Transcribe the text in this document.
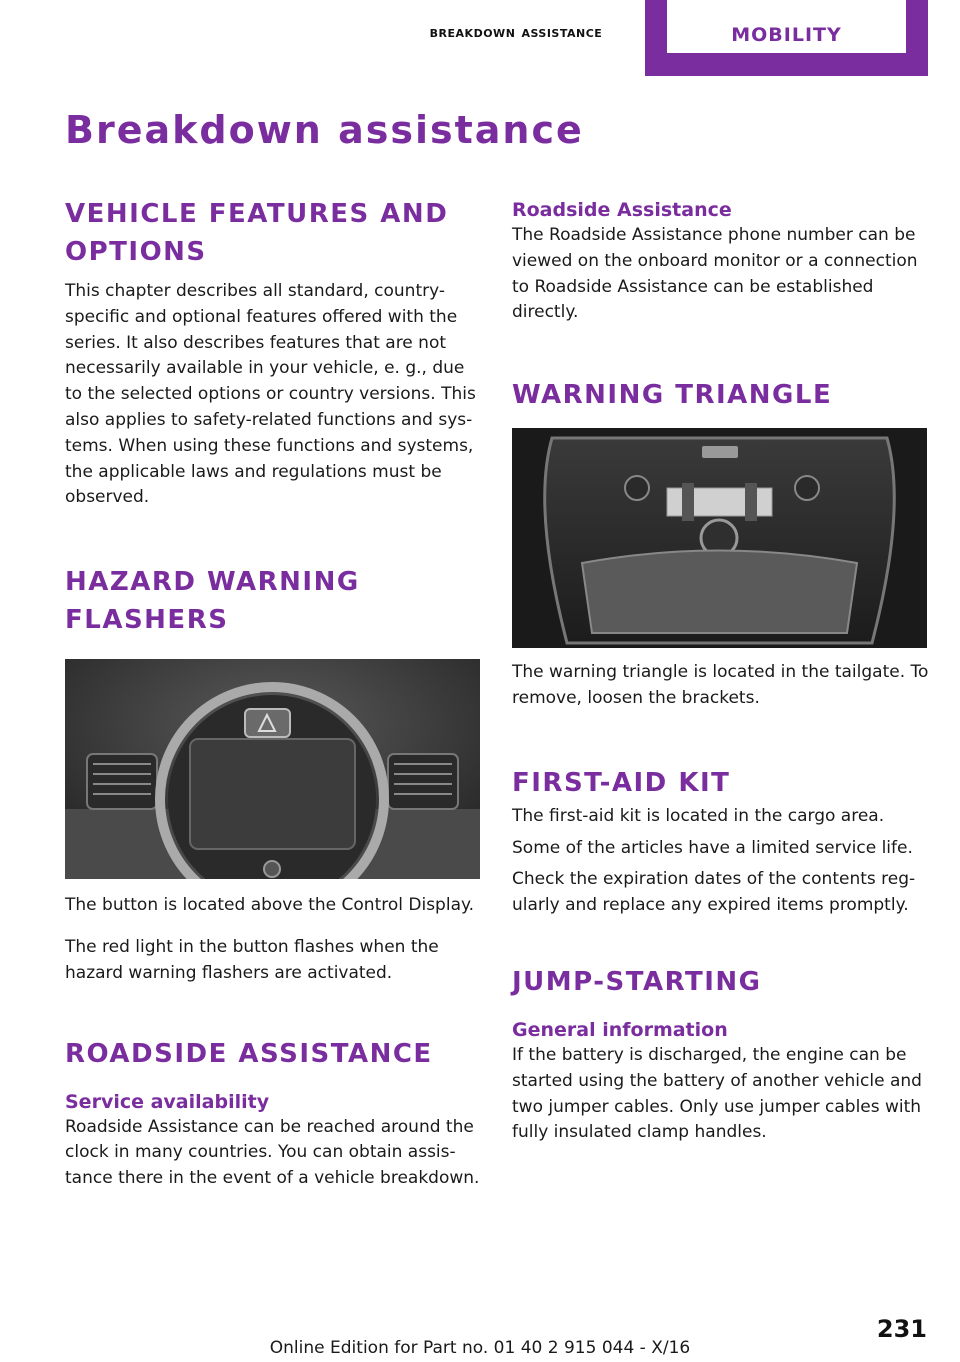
breakdown assistance	MOBILITY
Breakdown assistance
VEHICLE FEATURES AND OPTIONS

This chapter describes all standard, country-specific and optional features offered with the series. It also describes features that are not necessarily available in your vehicle, e. g., due to the selected options or country versions. This also applies to safety-related functions and systems. When using these functions and systems, the applicable laws and regulations must be observed.

HAZARD WARNING FLASHERS

The button is located above the Control Display.

The red light in the button flashes when the hazard warning flashers are activated.

ROADSIDE ASSISTANCE
Service availability

Roadside Assistance can be reached around the clock in many countries. You can obtain assistance there in the event of a vehicle breakdown.

Roadside Assistance

The Roadside Assistance phone number can be viewed on the onboard monitor or a connection to Roadside Assistance can be established directly.

WARNING TRIANGLE

The warning triangle is located in the tailgate. To remove, loosen the brackets.

FIRST-AID KIT

The first-aid kit is located in the cargo area.

Some of the articles have a limited service life.

Check the expiration dates of the contents regularly and replace any expired items promptly.

JUMP-STARTING
General information

If the battery is discharged, the engine can be started using the battery of another vehicle and two jumper cables. Only use jumper cables with fully insulated clamp handles.

231
Online Edition for Part no. 01 40 2 915 044 - X/16
